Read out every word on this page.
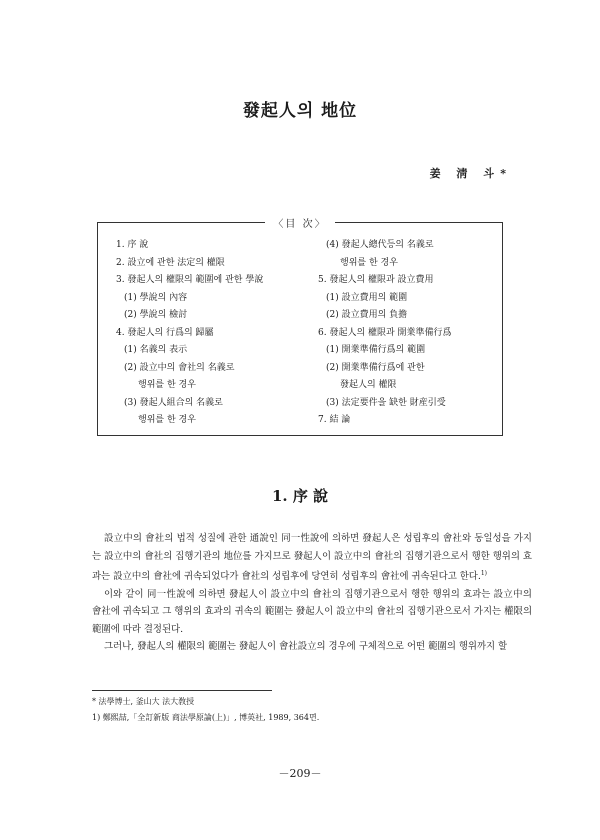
發起人의 地位
姜 淸 斗*
〈目 次〉
1. 序 說
2. 設立에 관한 法定의 權限
3. 發起人의 權限의 範圍에 관한 學說
(1) 學說의 內容
(2) 學說의 檢討
4. 發起人의 行爲의 歸屬
(1) 名義의 表示
(2) 設立中의 會社의 名義로
행위를 한 경우
(3) 發起人組合의 名義로
행위를 한 경우
(4) 發起人總代등의 名義로
행위를 한 경우
5. 發起人의 權限과 設立費用
(1) 設立費用의 範圍
(2) 設立費用의 負擔
6. 發起人의 權限과 開業準備行爲
(1) 開業準備行爲의 範圍
(2) 開業準備行爲에 관한
發起人의 權限
(3) 法定要件을 缺한 財産引受
7. 結 論
1. 序 說

設立中의 會社의 법적 성질에 관한 通說인 同一性說에 의하면 發起人은 성립후의 會社와 동일성을 가지는 設立中의 會社의 집행기관의 地位를 가지므로 發起人이 設立中의 會社의 집행기관으로서 행한 행위의 효과는 設立中의 會社에 귀속되었다가 會社의 성립후에 당연히 성립후의 會社에 귀속된다고 한다.$^{1)}$

이와 같이 同一性說에 의하면 發起人이 設立中의 會社의 집행기관으로서 행한 행위의 효과는 設立中의 會社에 귀속되고 그 행위의 효과의 귀속의 範圍는 發起人이 設立中의 會社의 집행기관으로서 가지는 權限의 範圍에 따라 결정된다.

그러나, 發起人의 權限의 範圍는 發起人이 會社設立의 경우에 구체적으로 어떤 範圍의 행위까지 할

* 法學博士, 釜山大 法大敎授
1) 鄭熙喆,「全訂新版 商法學原論(上)」, 博英社, 1989, 364면.
－209－
